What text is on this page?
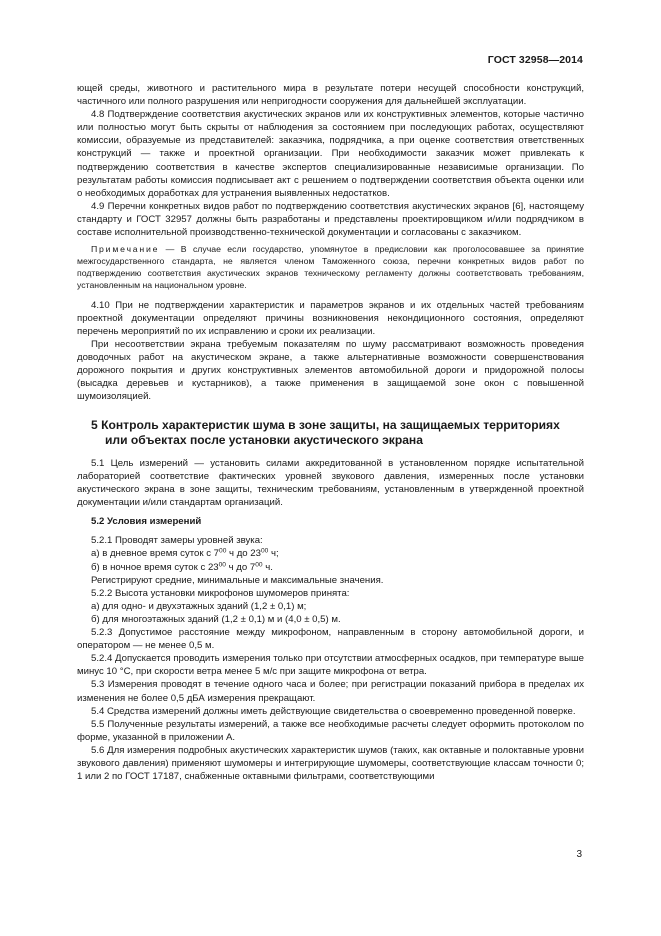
ГОСТ 32958—2014

ющей среды, животного и растительного мира в результате потери несущей способности конструкций, частичного или полного разрушения или непригодности сооружения для дальнейшей эксплуатации.

4.8 Подтверждение соответствия акустических экранов или их конструктивных элементов, которые частично или полностью могут быть скрыты от наблюдения за состоянием при последующих работах, осуществляют комиссии, образуемые из представителей: заказчика, подрядчика, а при оценке соответствия ответственных конструкций — также и проектной организации. При необходимости заказчик может привлекать к подтверждению соответствия в качестве экспертов специализированные независимые организации. По результатам работы комиссия подписывает акт с решением о подтверждении соответствия объекта оценки или о необходимых доработках для устранения выявленных недостатков.

4.9 Перечни конкретных видов работ по подтверждению соответствия акустических экранов [6], настоящему стандарту и ГОСТ 32957 должны быть разработаны и представлены проектировщиком и/или подрядчиком в составе исполнительной производственно-технической документации и согласованы с заказчиком.

Примечание — В случае если государство, упомянутое в предисловии как проголосовавшее за принятие межгосударственного стандарта, не является членом Таможенного союза, перечни конкретных видов работ по подтверждению соответствия акустических экранов техническому регламенту должны соответствовать требованиям, установленным на национальном уровне.

4.10 При не подтверждении характеристик и параметров экранов и их отдельных частей требованиям проектной документации определяют причины возникновения некондиционного состояния, определяют перечень мероприятий по их исправлению и сроки их реализации.

При несоответствии экрана требуемым показателям по шуму рассматривают возможность проведения доводочных работ на акустическом экране, а также альтернативные возможности совершенствования дорожного покрытия и других конструктивных элементов автомобильной дороги и придорожной полосы (высадка деревьев и кустарников), а также применения в защищаемой зоне окон с повышенной шумоизоляцией.

5 Контроль характеристик шума в зоне защиты, на защищаемых территориях или объектах после установки акустического экрана

5.1 Цель измерений — установить силами аккредитованной в установленном порядке испытательной лабораторией соответствие фактических уровней звукового давления, измеренных после установки акустического экрана в зоне защиты, техническим требованиям, установленным в утвержденной проектной документации и/или стандартам организаций.

5.2 Условия измерений

5.2.1 Проводят замеры уровней звука:

а) в дневное время суток с $7^{00}$ ч до $23^{00}$ ч;

б) в ночное время суток с $23^{00}$ ч до $7^{00}$ ч.

Регистрируют средние, минимальные и максимальные значения.

5.2.2 Высота установки микрофонов шумомеров принята:

а) для одно- и двухэтажных зданий (1,2 ± 0,1) м;

б) для многоэтажных зданий (1,2 ± 0,1) м и (4,0 ± 0,5) м.

5.2.3 Допустимое расстояние между микрофоном, направленным в сторону автомобильной дороги, и оператором — не менее 0,5 м.

5.2.4 Допускается проводить измерения только при отсутствии атмосферных осадков, при температуре выше минус 10 °С, при скорости ветра менее 5 м/с при защите микрофона от ветра.

5.3 Измерения проводят в течение одного часа и более; при регистрации показаний прибора в пределах их изменения не более 0,5 дБА измерения прекращают.

5.4 Средства измерений должны иметь действующие свидетельства о своевременно проведенной поверке.

5.5 Полученные результаты измерений, а также все необходимые расчеты следует оформить протоколом по форме, указанной в приложении А.

5.6 Для измерения подробных акустических характеристик шумов (таких, как октавные и полоктавные уровни звукового давления) применяют шумомеры и интегрирующие шумомеры, соответствующие классам точности 0; 1 или 2 по ГОСТ 17187, снабженные октавными фильтрами, соответствующими

3
